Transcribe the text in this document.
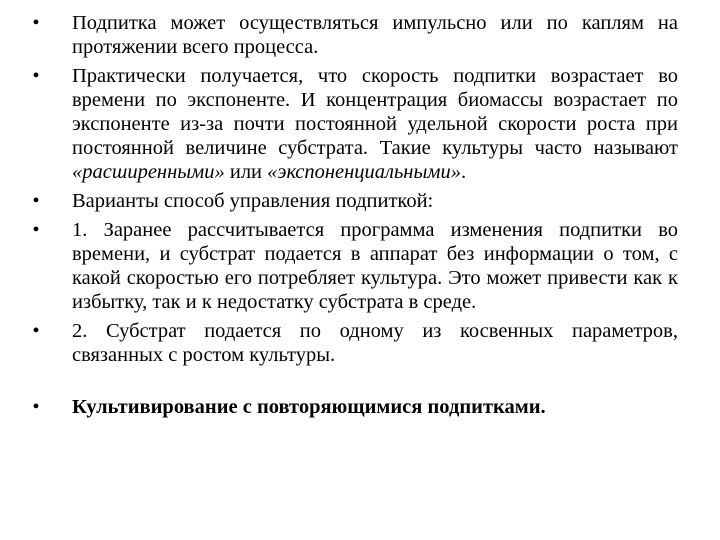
• Подпитка может осуществляться импульсно или по каплям на протяжении всего процесса.
• Практически получается, что скорость подпитки возрастает во времени по экспоненте. И концентрация биомассы возрастает по экспоненте из-за почти постоянной удельной скорости роста при постоянной величине субстрата. Такие культуры часто называют «расширенными» или «экспоненциальными».
• Варианты способ управления подпиткой:
• 1. Заранее рассчитывается программа изменения подпитки во времени, и субстрат подается в аппарат без информации о том, с какой скоростью его потребляет культура. Это может привести как к избытку, так и к недостатку субстрата в среде.
• 2. Субстрат подается по одному из косвенных параметров, связанных с ростом культуры.
• Культивирование с повторяющимися подпитками.
